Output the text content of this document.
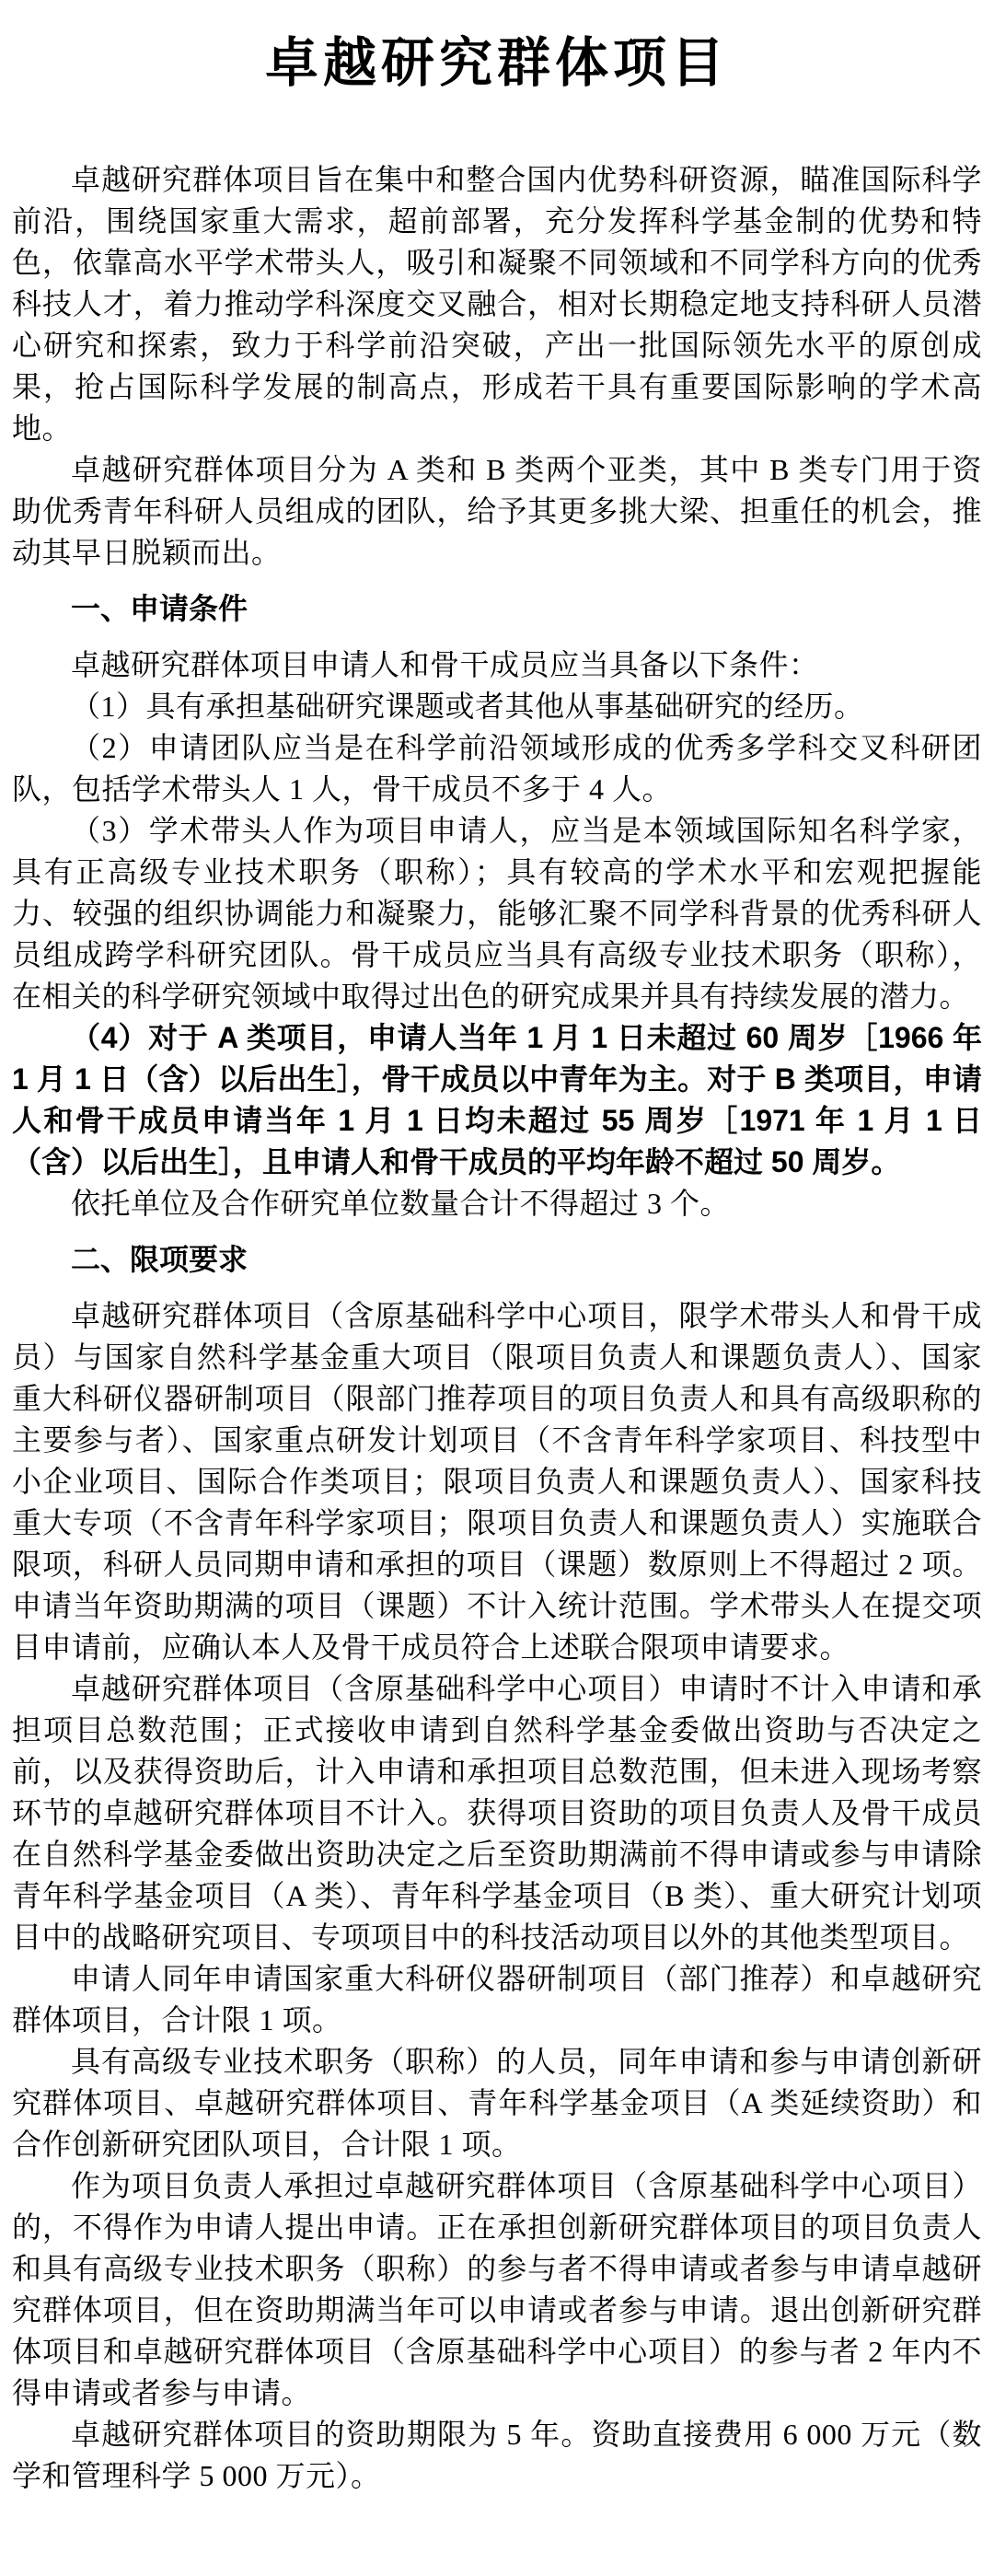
卓越研究群体项目

卓越研究群体项目旨在集中和整合国内优势科研资源，瞄准国际科学前沿，围绕国家重大需求，超前部署，充分发挥科学基金制的优势和特色，依靠高水平学术带头人，吸引和凝聚不同领域和不同学科方向的优秀科技人才，着力推动学科深度交叉融合，相对长期稳定地支持科研人员潜心研究和探索，致力于科学前沿突破，产出一批国际领先水平的原创成果，抢占国际科学发展的制高点，形成若干具有重要国际影响的学术高地。

卓越研究群体项目分为 A 类和 B 类两个亚类，其中 B 类专门用于资助优秀青年科研人员组成的团队，给予其更多挑大梁、担重任的机会，推动其早日脱颖而出。

一、申请条件

卓越研究群体项目申请人和骨干成员应当具备以下条件：

（1）具有承担基础研究课题或者其他从事基础研究的经历。

（2）申请团队应当是在科学前沿领域形成的优秀多学科交叉科研团队，包括学术带头人 1 人，骨干成员不多于 4 人。

（3）学术带头人作为项目申请人，应当是本领域国际知名科学家，具有正高级专业技术职务（职称）；具有较高的学术水平和宏观把握能力、较强的组织协调能力和凝聚力，能够汇聚不同学科背景的优秀科研人员组成跨学科研究团队。骨干成员应当具有高级专业技术职务（职称），在相关的科学研究领域中取得过出色的研究成果并具有持续发展的潜力。

（4）对于 A 类项目，申请人当年 1 月 1 日未超过 60 周岁［1966 年 1 月 1 日（含）以后出生］，骨干成员以中青年为主。对于 B 类项目，申请人和骨干成员申请当年 1 月 1 日均未超过 55 周岁［1971 年 1 月 1 日（含）以后出生］，且申请人和骨干成员的平均年龄不超过 50 周岁。

依托单位及合作研究单位数量合计不得超过 3 个。

二、限项要求

卓越研究群体项目（含原基础科学中心项目，限学术带头人和骨干成员）与国家自然科学基金重大项目（限项目负责人和课题负责人）、国家重大科研仪器研制项目（限部门推荐项目的项目负责人和具有高级职称的主要参与者）、国家重点研发计划项目（不含青年科学家项目、科技型中小企业项目、国际合作类项目；限项目负责人和课题负责人）、国家科技重大专项（不含青年科学家项目；限项目负责人和课题负责人）实施联合限项，科研人员同期申请和承担的项目（课题）数原则上不得超过 2 项。申请当年资助期满的项目（课题）不计入统计范围。学术带头人在提交项目申请前，应确认本人及骨干成员符合上述联合限项申请要求。

卓越研究群体项目（含原基础科学中心项目）申请时不计入申请和承担项目总数范围；正式接收申请到自然科学基金委做出资助与否决定之前，以及获得资助后，计入申请和承担项目总数范围，但未进入现场考察环节的卓越研究群体项目不计入。获得项目资助的项目负责人及骨干成员在自然科学基金委做出资助决定之后至资助期满前不得申请或参与申请除青年科学基金项目（A 类）、青年科学基金项目（B 类）、重大研究计划项目中的战略研究项目、专项项目中的科技活动项目以外的其他类型项目。

申请人同年申请国家重大科研仪器研制项目（部门推荐）和卓越研究群体项目，合计限 1 项。

具有高级专业技术职务（职称）的人员，同年申请和参与申请创新研究群体项目、卓越研究群体项目、青年科学基金项目（A 类延续资助）和合作创新研究团队项目，合计限 1 项。

作为项目负责人承担过卓越研究群体项目（含原基础科学中心项目）的，不得作为申请人提出申请。正在承担创新研究群体项目的项目负责人和具有高级专业技术职务（职称）的参与者不得申请或者参与申请卓越研究群体项目，但在资助期满当年可以申请或者参与申请。退出创新研究群体项目和卓越研究群体项目（含原基础科学中心项目）的参与者 2 年内不得申请或者参与申请。

卓越研究群体项目的资助期限为 5 年。资助直接费用 6 000 万元（数学和管理科学 5 000 万元）。
